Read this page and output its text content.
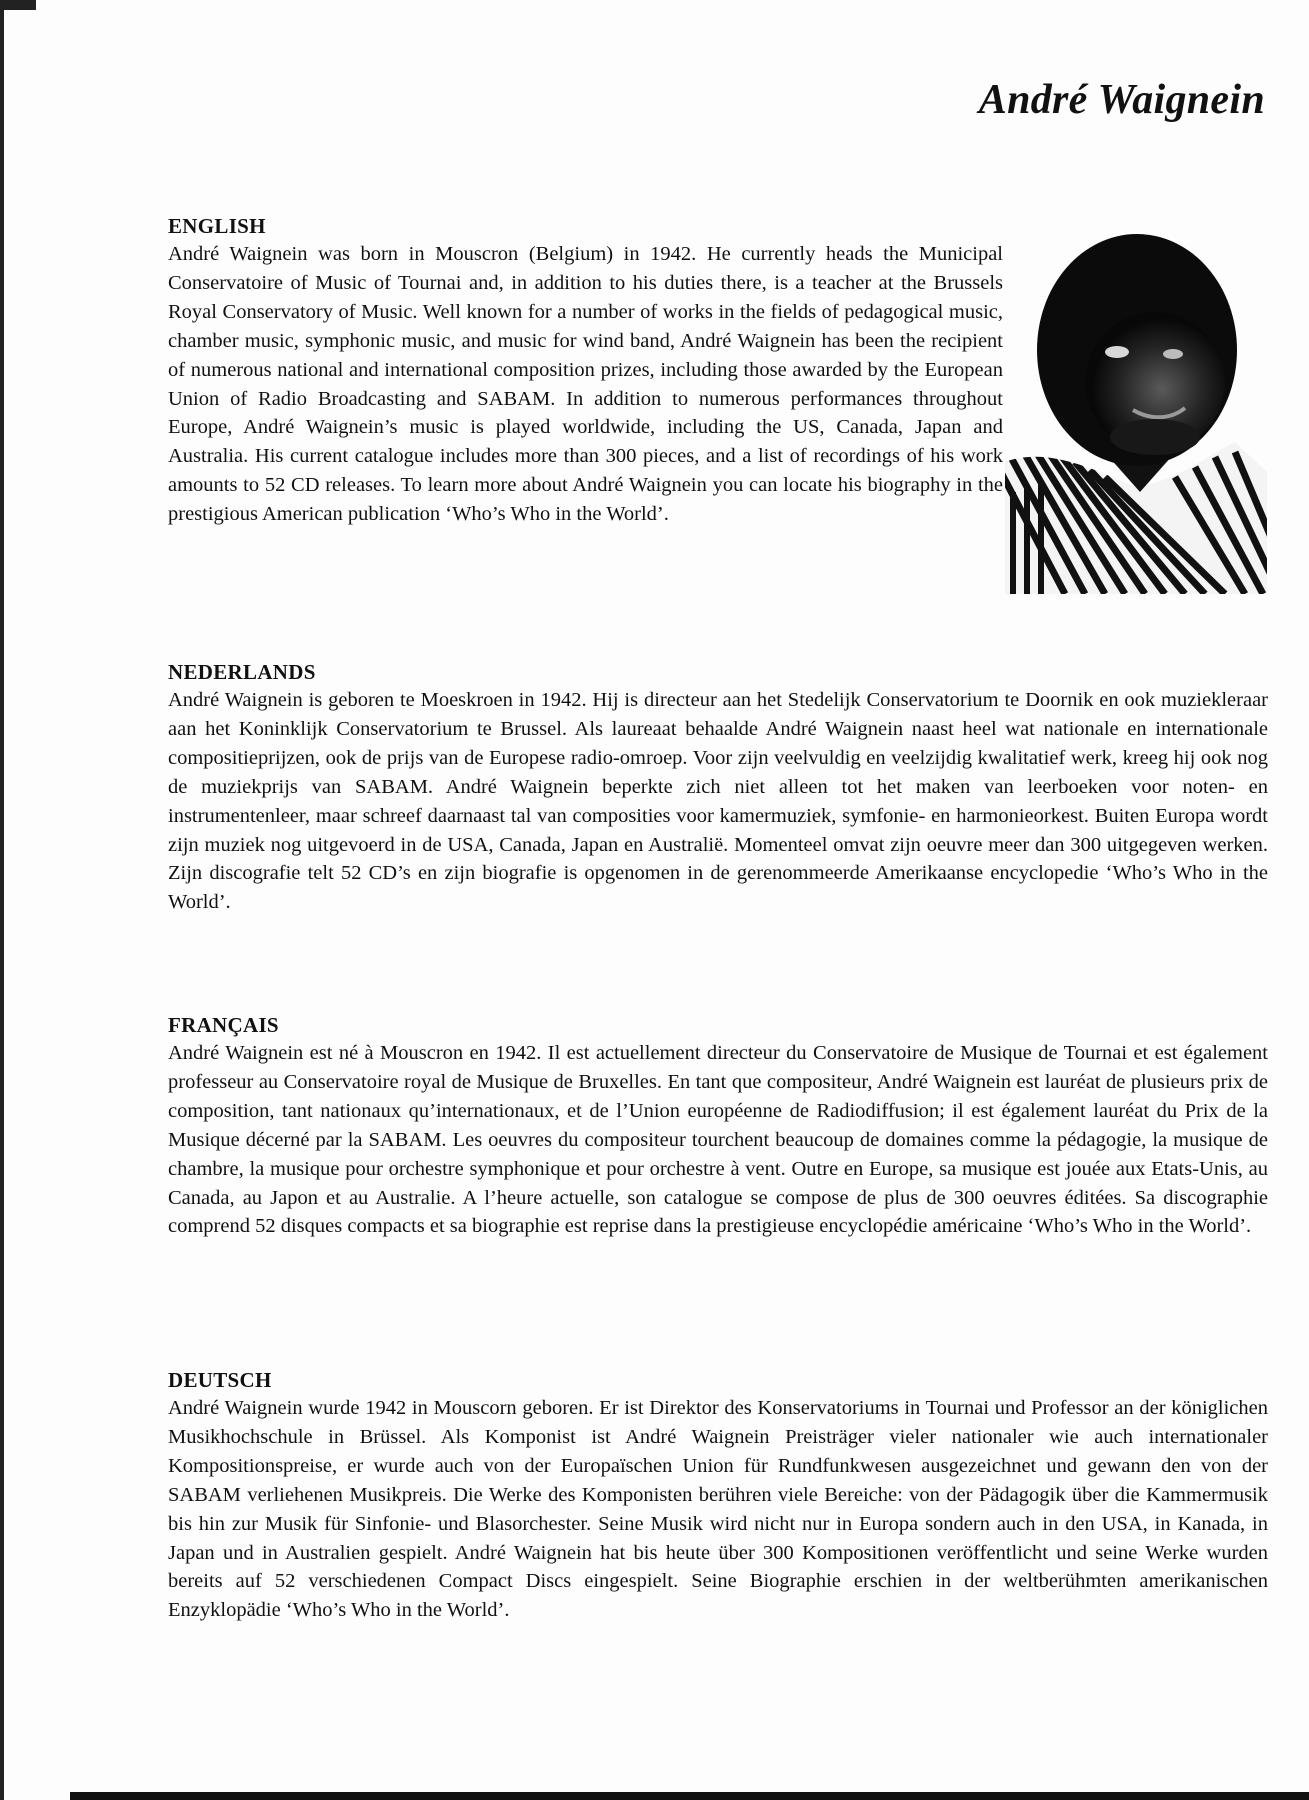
André Waignein
ENGLISH

André Waignein was born in Mouscron (Belgium) in 1942. He currently heads the Municipal Conservatoire of Music of Tournai and, in addition to his duties there, is a teacher at the Brussels Royal Conservatory of Music. Well known for a number of works in the fields of pedagogical music, chamber music, symphonic music, and music for wind band, André Waignein has been the recipient of numerous national and international composition prizes, including those awarded by the European Union of Radio Broadcasting and SABAM. In addition to numerous performances throughout Europe, André Waignein’s music is played worldwide, including the US, Canada, Japan and Australia. His current catalogue includes more than 300 pieces, and a list of recordings of his work amounts to 52 CD releases. To learn more about André Waignein you can locate his biography in the prestigious American publication ‘Who’s Who in the World’.

NEDERLANDS

André Waignein is geboren te Moeskroen in 1942. Hij is directeur aan het Stedelijk Conservatorium te Doornik en ook muziekleraar aan het Koninklijk Conservatorium te Brussel. Als laureaat behaalde André Waignein naast heel wat nationale en internationale compositieprijzen, ook de prijs van de Europese radio-omroep. Voor zijn veelvuldig en veelzijdig kwalitatief werk, kreeg hij ook nog de muziekprijs van SABAM. André Waignein beperkte zich niet alleen tot het maken van leerboeken voor noten- en instrumentenleer, maar schreef daarnaast tal van composities voor kamermuziek, symfonie- en harmonieorkest. Buiten Europa wordt zijn muziek nog uitgevoerd in de USA, Canada, Japan en Australië. Momenteel omvat zijn oeuvre meer dan 300 uitgegeven werken. Zijn discografie telt 52 CD’s en zijn biografie is opgenomen in de gerenommeerde Amerikaanse encyclopedie ‘Who’s Who in the World’.

FRANÇAIS

André Waignein est né à Mouscron en 1942. Il est actuellement directeur du Conservatoire de Musique de Tournai et est également professeur au Conservatoire royal de Musique de Bruxelles. En tant que compositeur, André Waignein est lauréat de plusieurs prix de composition, tant nationaux qu’internationaux, et de l’Union européenne de Radiodiffusion; il est également lauréat du Prix de la Musique décerné par la SABAM. Les oeuvres du compositeur tourchent beaucoup de domaines comme la pédagogie, la musique de chambre, la musique pour orchestre symphonique et pour orchestre à vent. Outre en Europe, sa musique est jouée aux Etats-Unis, au Canada, au Japon et au Australie. A l’heure actuelle, son catalogue se compose de plus de 300 oeuvres éditées. Sa discographie comprend 52 disques compacts et sa biographie est reprise dans la prestigieuse encyclopédie américaine ‘Who’s Who in the World’.

DEUTSCH

André Waignein wurde 1942 in Mouscorn geboren. Er ist Direktor des Konservatoriums in Tournai und Professor an der königlichen Musikhochschule in Brüssel. Als Komponist ist André Waignein Preisträger vieler nationaler wie auch internationaler Kompositionspreise, er wurde auch von der Europaïschen Union für Rundfunkwesen ausgezeichnet und gewann den von der SABAM verliehenen Musikpreis. Die Werke des Komponisten berühren viele Bereiche: von der Pädagogik über die Kammermusik bis hin zur Musik für Sinfonie- und Blasorchester. Seine Musik wird nicht nur in Europa sondern auch in den USA, in Kanada, in Japan und in Australien gespielt. André Waignein hat bis heute über 300 Kompositionen veröffentlicht und seine Werke wurden bereits auf 52 verschiedenen Compact Discs eingespielt. Seine Biographie erschien in der weltberühmten amerikanischen Enzyklopädie ‘Who’s Who in the World’.
